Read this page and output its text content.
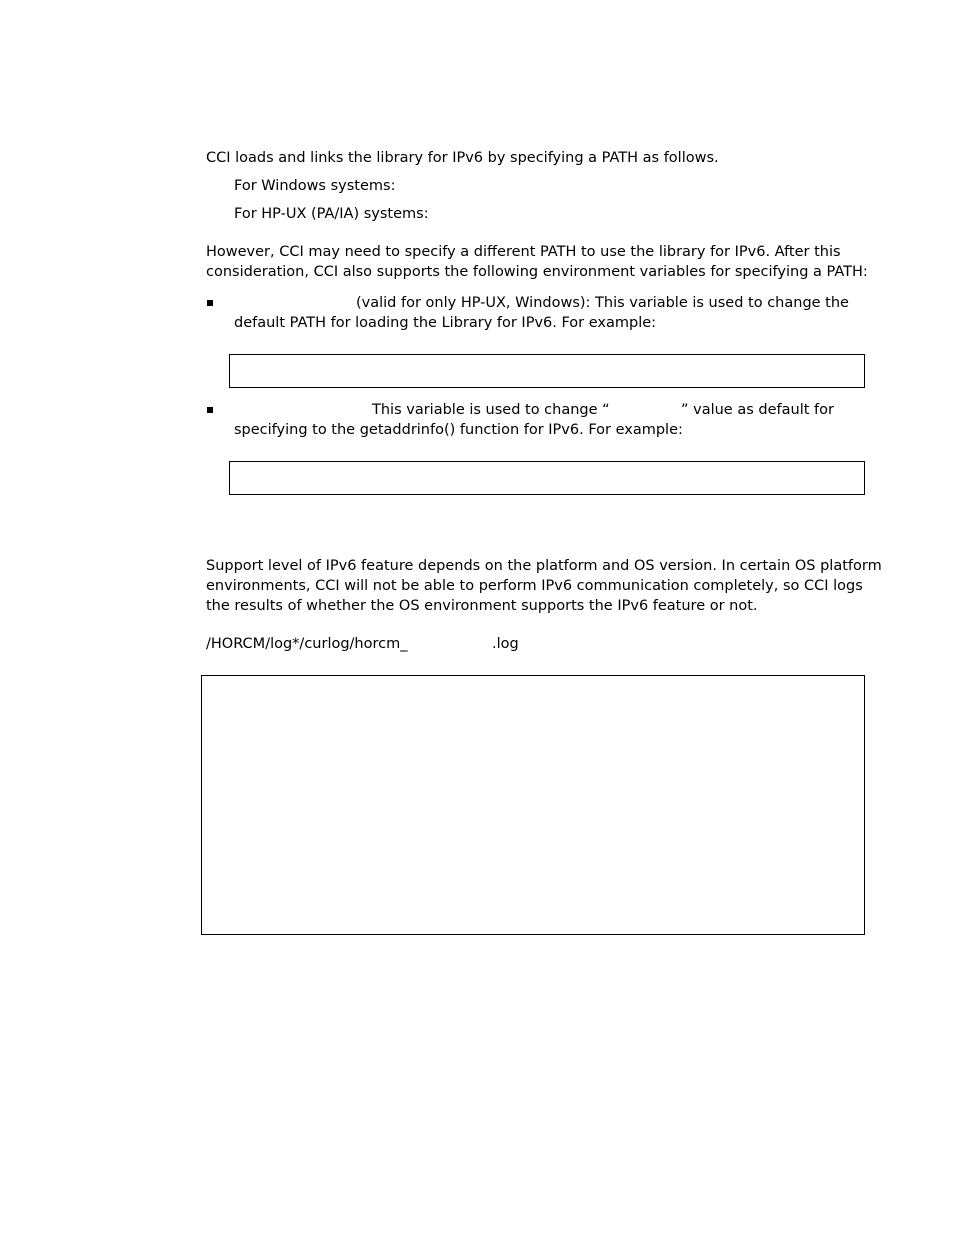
CCI loads and links the library for IPv6 by specifying a PATH as follows.
For Windows systems:
For HP-UX (PA/IA) systems:
However, CCI may need to specify a different PATH to use the library for IPv6. After this
consideration, CCI also supports the following environment variables for specifying a PATH:
(valid for only HP-UX, Windows): This variable is used to change the
default PATH for loading the Library for IPv6. For example:
This variable is used to change “	” value as default for
specifying to the getaddrinfo() function for IPv6. For example:
Support level of IPv6 feature depends on the platform and OS version. In certain OS platform
environments, CCI will not be able to perform IPv6 communication completely, so CCI logs
the results of whether the OS environment supports the IPv6 feature or not.
/HORCM/log*/curlog/horcm_	.log
